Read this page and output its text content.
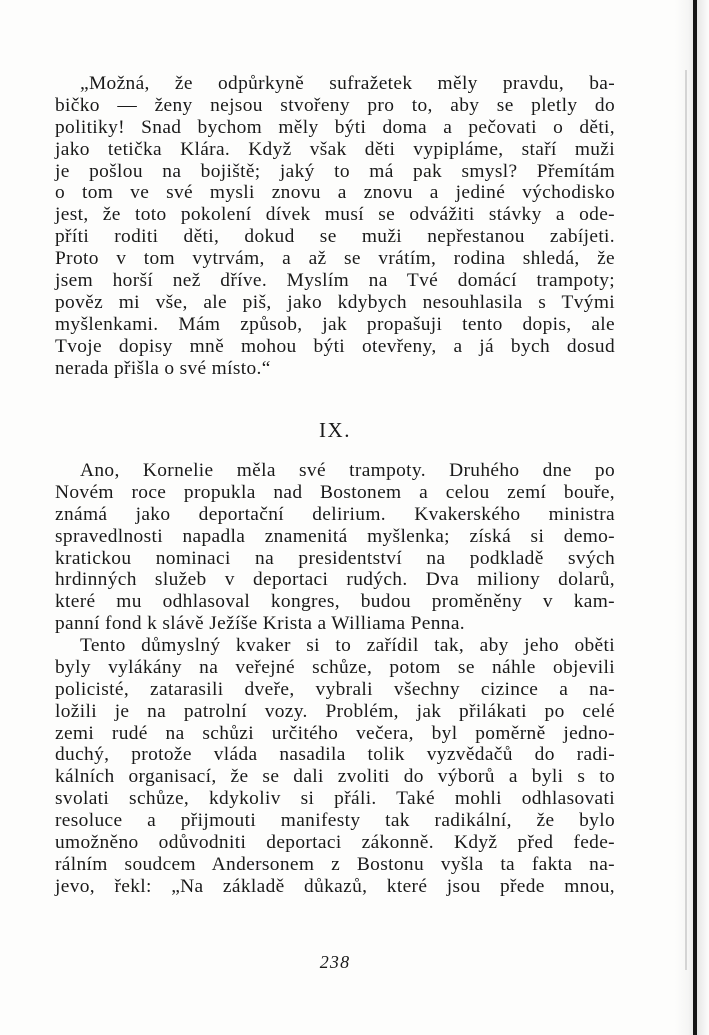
„Možná, že odpůrkyně sufražetek měly pravdu, ba-
bičko — ženy nejsou stvořeny pro to, aby se pletly do
politiky! Snad bychom měly býti doma a pečovati o děti,
jako tetička Klára. Když však děti vypipláme, staří muži
je pošlou na bojiště; jaký to má pak smysl? Přemítám
o tom ve své mysli znovu a znovu a jediné východisko
jest, že toto pokolení dívek musí se odvážiti stávky a ode-
příti roditi děti, dokud se muži nepřestanou zabíjeti.
Proto v tom vytrvám, a až se vrátím, rodina shledá, že
jsem horší než dříve. Myslím na Tvé domácí trampoty;
pověz mi vše, ale piš, jako kdybych nesouhlasila s Tvými
myšlenkami. Mám způsob, jak propašuji tento dopis, ale
Tvoje dopisy mně mohou býti otevřeny, a já bych dosud
nerada přišla o své místo.“
IX.
Ano, Kornelie měla své trampoty. Druhého dne po
Novém roce propukla nad Bostonem a celou zemí bouře,
známá jako deportační delirium. Kvakerského ministra
spravedlnosti napadla znamenitá myšlenka; získá si demo-
kratickou nominaci na presidentství na podkladě svých
hrdinných služeb v deportaci rudých. Dva miliony dolarů,
které mu odhlasoval kongres, budou proměněny v kam-
panní fond k slávě Ježíše Krista a Williama Penna.
Tento důmyslný kvaker si to zařídil tak, aby jeho oběti
byly vylákány na veřejné schůze, potom se náhle objevili
policisté, zatarasili dveře, vybrali všechny cizince a na-
ložili je na patrolní vozy. Problém, jak přilákati po celé
zemi rudé na schůzi určitého večera, byl poměrně jedno-
duchý, protože vláda nasadila tolik vyzvědačů do radi-
kálních organisací, že se dali zvoliti do výborů a byli s to
svolati schůze, kdykoliv si přáli. Také mohli odhlasovati
resoluce a přijmouti manifesty tak radikální, že bylo
umožněno odůvodniti deportaci zákonně. Když před fede-
rálním soudcem Andersonem z Bostonu vyšla ta fakta na-
jevo, řekl: „Na základě důkazů, které jsou přede mnou,
238
